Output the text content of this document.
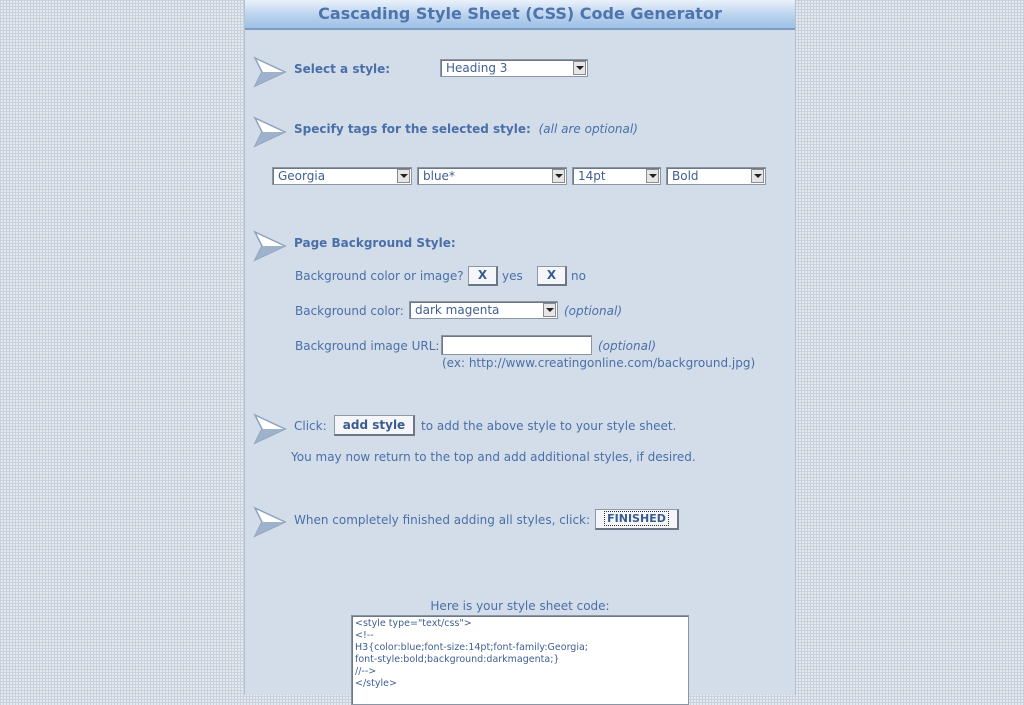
Cascading Style Sheet (CSS) Code Generator
Select a style:	Heading 3
Specify tags for the selected style: (all are optional)
Georgia	blue*	14pt	Bold
Page Background Style:
Background color or image?	X	yes	X	no
Background color: dark magenta	(optional)
Background image URL:	(optional)
(ex: http://www.creatingonline.com/background.jpg)
Click:	add style	to add the above style to your style sheet.
You may now return to the top and add additional styles, if desired.
When completely finished adding all styles, click:	FINISHED
Here is your style sheet code:
<style type="text/css">
<!--
H3{color:blue;font-size:14pt;font-family:Georgia;
font-style:bold;background:darkmagenta;}
//-->
</style>
